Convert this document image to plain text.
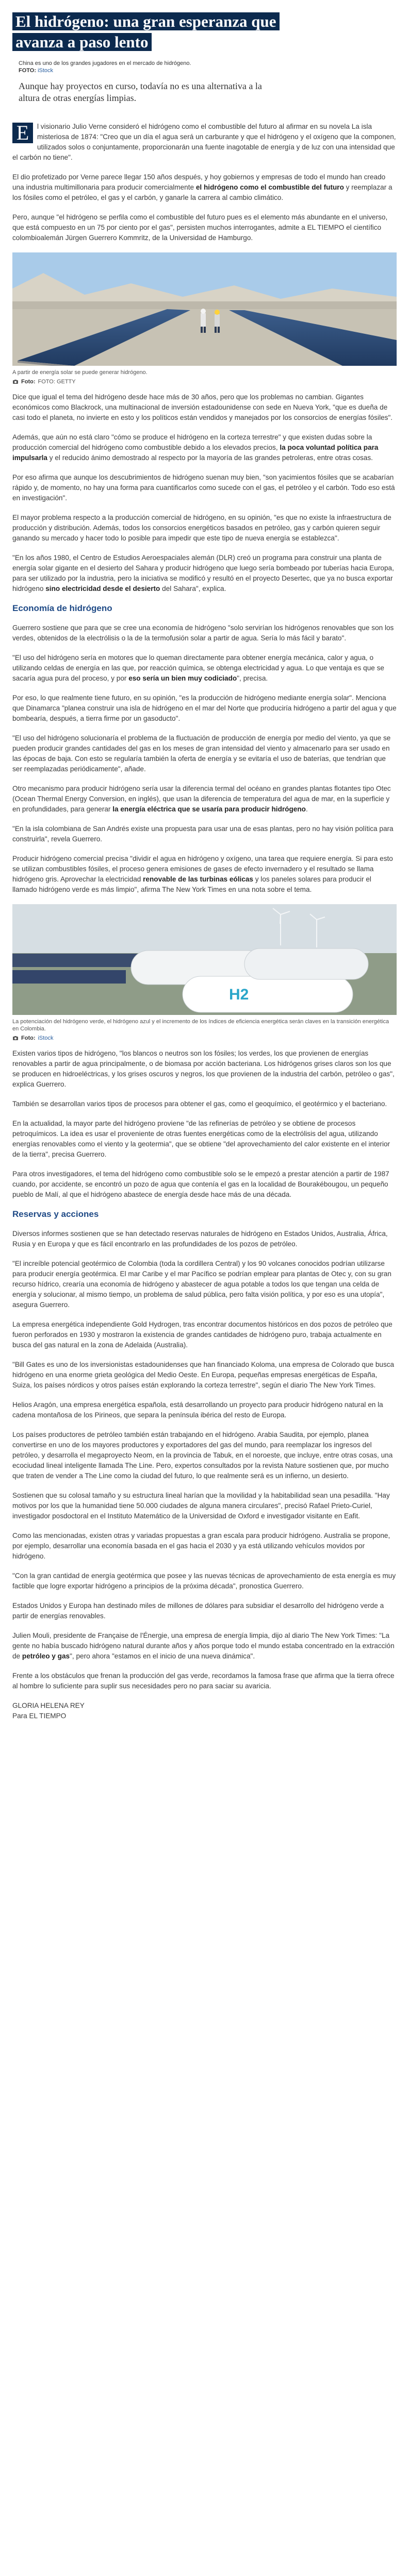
El hidrógeno: una gran esperanza que avanza a paso lento
China es uno de los grandes jugadores en el mercado de hidrógeno.
FOTO: iStock
Aunque hay proyectos en curso, todavía no es una alternativa a la altura de otras energías limpias.

E	l visionario Julio Verne consideró el hidrógeno como el combustible del futuro al afirmar en su novela La isla misteriosa de 1874: "Creo que un día el agua será un carburante y que el hidrógeno y el oxígeno que la componen, utilizados solos o conjuntamente, proporcionarán una fuente inagotable de energía y de luz con una intensidad que el carbón no tiene".

El dio profetizado por Verne parece llegar 150 años después, y hoy gobiernos y empresas de todo el mundo han creado una industria multimillonaria para producir comercialmente el hidrógeno como el combustible del futuro y reemplazar a los fósiles como el petróleo, el gas y el carbón, y ganarle la carrera al cambio climático.

Pero, aunque "el hidrógeno se perfila como el combustible del futuro pues es el elemento más abundante en el universo, que está compuesto en un 75 por ciento por el gas", persisten muchos interrogantes, admite a EL TIEMPO el científico colombioalemán Jürgen Guerrero Kommritz, de la Universidad de Hamburgo.

A partir de energía solar se puede generar hidrógeno.
Foto: FOTO: GETTY

Dice que igual el tema del hidrógeno desde hace más de 30 años, pero que los problemas no cambian. Gigantes económicos como Blackrock, una multinacional de inversión estadounidense con sede en Nueva York, "que es dueña de casi todo el planeta, no invierte en esto y los políticos están vendidos y manejados por los consorcios de energías fósiles".

Además, que aún no está claro "cómo se produce el hidrógeno en la corteza terrestre" y que existen dudas sobre la producción comercial del hidrógeno como combustible debido a los elevados precios, la poca voluntad política para impulsarla y el reducido ánimo demostrado al respecto por la mayoría de las grandes petroleras, entre otras cosas.

Por eso afirma que aunque los descubrimientos de hidrógeno suenan muy bien, "son yacimientos fósiles que se acabarían rápido y, de momento, no hay una forma para cuantificarlos como sucede con el gas, el petróleo y el carbón. Todo eso está en investigación".

El mayor problema respecto a la producción comercial de hidrógeno, en su opinión, "es que no existe la infraestructura de producción y distribución. Además, todos los consorcios energéticos basados en petróleo, gas y carbón quieren seguir ganando su mercado y hacer todo lo posible para impedir que este tipo de nueva energía se establezca".

"En los años 1980, el Centro de Estudios Aeroespaciales alemán (DLR) creó un programa para construir una planta de energía solar gigante en el desierto del Sahara y producir hidrógeno que luego sería bombeado por tuberías hacia Europa, para ser utilizado por la industria, pero la iniciativa se modificó y resultó en el proyecto Desertec, que ya no busca exportar hidrógeno sino electricidad desde el desierto del Sahara", explica.

Economía de hidrógeno

Guerrero sostiene que para que se cree una economía de hidrógeno "solo servirían los hidrógenos renovables que son los verdes, obtenidos de la electrólisis o la de la termofusión solar a partir de agua. Sería lo más fácil y barato".

"El uso del hidrógeno sería en motores que lo queman directamente para obtener energía mecánica, calor y agua, o utilizando celdas de energía en las que, por reacción química, se obtenga electricidad y agua. Lo que ventaja es que se sacaría agua pura del proceso, y por eso sería un bien muy codiciado", precisa.

Por eso, lo que realmente tiene futuro, en su opinión, "es la producción de hidrógeno mediante energía solar". Menciona que Dinamarca "planea construir una isla de hidrógeno en el mar del Norte que produciría hidrógeno a partir del agua y que bombearía, después, a tierra firme por un gasoducto".

"El uso del hidrógeno solucionaría el problema de la fluctuación de producción de energía por medio del viento, ya que se pueden producir grandes cantidades del gas en los meses de gran intensidad del viento y almacenarlo para ser usado en las épocas de baja. Con esto se regularía también la oferta de energía y se evitaría el uso de baterías, que tendrían que ser reemplazadas periódicamente", añade.

Otro mecanismo para producir hidrógeno sería usar la diferencia termal del océano en grandes plantas flotantes tipo Otec (Ocean Thermal Energy Conversion, en inglés), que usan la diferencia de temperatura del agua de mar, en la superficie y en profundidades, para generar la energía eléctrica que se usaría para producir hidrógeno.

"En la isla colombiana de San Andrés existe una propuesta para usar una de esas plantas, pero no hay visión política para construirla", revela Guerrero.

Producir hidrógeno comercial precisa "dividir el agua en hidrógeno y oxígeno, una tarea que requiere energía. Si para esto se utilizan combustibles fósiles, el proceso genera emisiones de gases de efecto invernadero y el resultado se llama hidrógeno gris. Aprovechar la electricidad renovable de las turbinas eólicas y los paneles solares para producir el llamado hidrógeno verde es más limpio", afirma The New York Times en una nota sobre el tema.

H2
La potenciación del hidrógeno verde, el hidrógeno azul y el incremento de los índices de eficiencia energética serán claves en la transición energética en Colombia.
Foto: iStock

Existen varios tipos de hidrógeno, "los blancos o neutros son los fósiles; los verdes, los que provienen de energías renovables a partir de agua principalmente, o de biomasa por acción bacteriana. Los hidrógenos grises claros son los que se producen en hidroeléctricas, y los grises oscuros y negros, los que provienen de la industria del carbón, petróleo o gas", explica Guerrero.

También se desarrollan varios tipos de procesos para obtener el gas, como el geoquímico, el geotérmico y el bacteriano.

En la actualidad, la mayor parte del hidrógeno proviene "de las refinerías de petróleo y se obtiene de procesos petroquímicos. La idea es usar el proveniente de otras fuentes energéticas como de la electrólisis del agua, utilizando energías renovables como el viento y la geotermia", que se obtiene "del aprovechamiento del calor existente en el interior de la tierra", precisa Guerrero.

Para otros investigadores, el tema del hidrógeno como combustible solo se le empezó a prestar atención a partir de 1987 cuando, por accidente, se encontró un pozo de agua que contenía el gas en la localidad de Bourakébougou, un pequeño pueblo de Malí, al que el hidrógeno abastece de energía desde hace más de una década.

Reservas y acciones

Diversos informes sostienen que se han detectado reservas naturales de hidrógeno en Estados Unidos, Australia, África, Rusia y en Europa y que es fácil encontrarlo en las profundidades de los pozos de petróleo.

"El increíble potencial geotérmico de Colombia (toda la cordillera Central) y los 90 volcanes conocidos podrían utilizarse para producir energía geotérmica. El mar Caribe y el mar Pacífico se podrían emplear para plantas de Otec y, con su gran recurso hídrico, crearía una economía de hidrógeno y abastecer de agua potable a todos los que tengan una celda de energía y solucionar, al mismo tiempo, un problema de salud pública, pero falta visión política, y por eso es una utopía", asegura Guerrero.

La empresa energética independiente Gold Hydrogen, tras encontrar documentos históricos en dos pozos de petróleo que fueron perforados en 1930 y mostraron la existencia de grandes cantidades de hidrógeno puro, trabaja actualmente en busca del gas natural en la zona de Adelaida (Australia).

"Bill Gates es uno de los inversionistas estadounidenses que han financiado Koloma, una empresa de Colorado que busca hidrógeno en una enorme grieta geológica del Medio Oeste. En Europa, pequeñas empresas energéticas de España, Suiza, los países nórdicos y otros países están explorando la corteza terrestre", según el diario The New York Times.

Helios Aragón, una empresa energética española, está desarrollando un proyecto para producir hidrógeno natural en la cadena montañosa de los Pirineos, que separa la península ibérica del resto de Europa.

Los países productores de petróleo también están trabajando en el hidrógeno. Arabia Saudita, por ejemplo, planea convertirse en uno de los mayores productores y exportadores del gas del mundo, para reemplazar los ingresos del petróleo, y desarrolla el megaproyecto Neom, en la provincia de Tabuk, en el noroeste, que incluye, entre otras cosas, una ecociudad lineal inteligente llamada The Line. Pero, expertos consultados por la revista Nature sostienen que, por mucho que traten de vender a The Line como la ciudad del futuro, lo que realmente será es un infierno, un desierto.

Sostienen que su colosal tamaño y su estructura lineal harían que la movilidad y la habitabilidad sean una pesadilla. "Hay motivos por los que la humanidad tiene 50.000 ciudades de alguna manera circulares", precisó Rafael Prieto-Curiel, investigador posdoctoral en el Instituto Matemático de la Universidad de Oxford e investigador visitante en Eafit.

Como las mencionadas, existen otras y variadas propuestas a gran escala para producir hidrógeno. Australia se propone, por ejemplo, desarrollar una economía basada en el gas hacia el 2030 y ya está utilizando vehículos movidos por hidrógeno.

"Con la gran cantidad de energía geotérmica que posee y las nuevas técnicas de aprovechamiento de esta energía es muy factible que logre exportar hidrógeno a principios de la próxima década", pronostica Guerrero.

Estados Unidos y Europa han destinado miles de millones de dólares para subsidiar el desarrollo del hidrógeno verde a partir de energías renovables.

Julien Mouli, presidente de Française de l'Énergie, una empresa de energía limpia, dijo al diario The New York Times: "La gente no había buscado hidrógeno natural durante años y años porque todo el mundo estaba concentrado en la extracción de petróleo y gas", pero ahora "estamos en el inicio de una nueva dinámica".

Frente a los obstáculos que frenan la producción del gas verde, recordamos la famosa frase que afirma que la tierra ofrece al hombre lo suficiente para suplir sus necesidades pero no para saciar su avaricia.

GLORIA HELENA REY
Para EL TIEMPO
